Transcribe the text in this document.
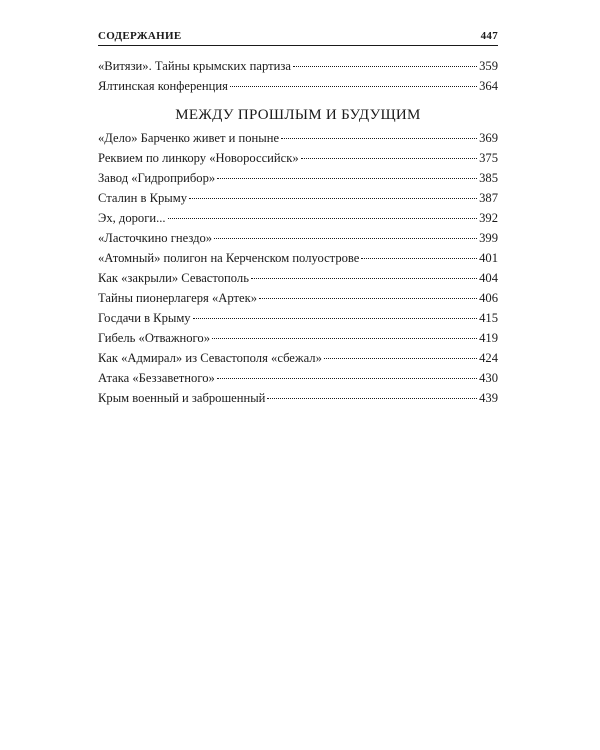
СОДЕРЖАНИЕ	447
«Витязи». Тайны крымских партиза	359
Ялтинская конференция	364
МЕЖДУ ПРОШЛЫМ И БУДУЩИМ
«Дело» Барченко живет и поныне	369
Реквием по линкору «Новороссийск»	375
Завод «Гидроприбор»	385
Сталин в Крыму	387
Эх, дороги...	392
«Ласточкино гнездо»	399
«Атомный» полигон на Керченском полуострове	401
Как «закрыли» Севастополь	404
Тайны пионерлагеря «Артек»	406
Госдачи в Крыму	415
Гибель «Отважного»	419
Как «Адмирал» из Севастополя «сбежал»	424
Атака «Беззаветного»	430
Крым военный и заброшенный	439
